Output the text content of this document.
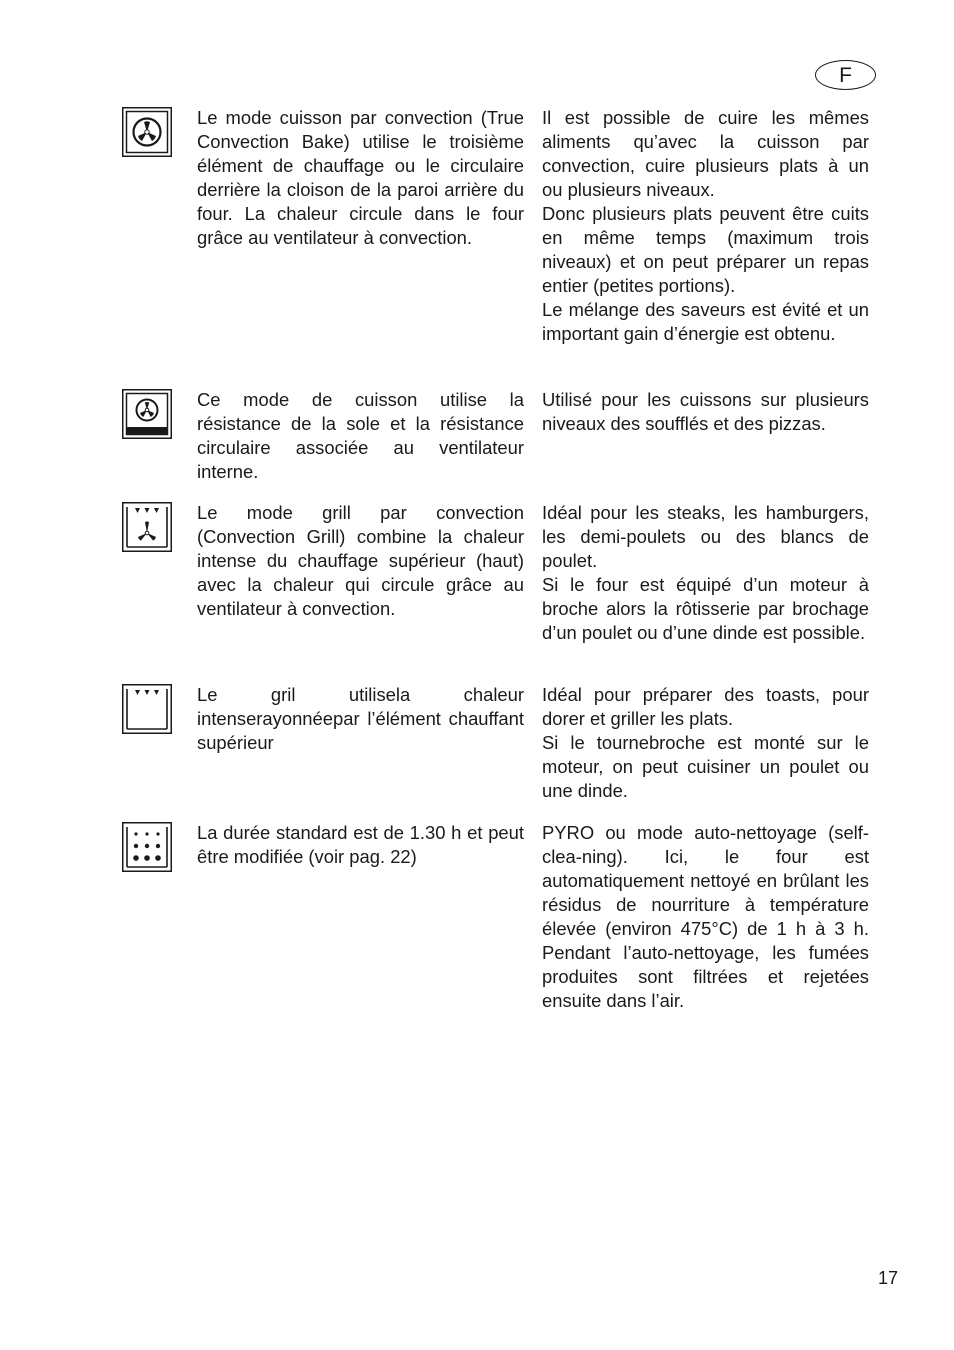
F
Le mode cuisson par convection (True Convection Bake) utilise le troisième élément de chauffage ou le circulaire derrière la cloison de la paroi arrière du four. La chaleur circule dans le four grâce au ventilateur à convection.
Il est possible de cuire les mêmes aliments qu’avec la cuisson par convection, cuire plusieurs plats à un ou plusieurs niveaux.
Donc plusieurs plats peuvent être cuits en même temps (maximum trois niveaux) et on peut préparer un repas entier (petites portions).
Le mélange des saveurs est évité et un important gain d’énergie est obtenu.
Ce mode de cuisson utilise la résistance de la sole et la résistance circulaire associée au ventilateur interne.
Utilisé pour les cuissons sur plusieurs niveaux des soufflés et des pizzas.
Le mode grill par convection (Convection Grill) combine la chaleur intense du chauffage supérieur (haut) avec la chaleur qui circule grâce au ventilateur à convection.
Idéal pour les steaks, les hamburgers, les demi-poulets ou des blancs de poulet.
Si le four est équipé d’un moteur à broche alors la rôtisserie par brochage d’un poulet ou d’une dinde est possible.
Le gril utilisela chaleur intenserayonnéepar l’élément chauffant supérieur
Idéal pour préparer des toasts, pour dorer et griller les plats.
Si le tournebroche est monté sur le moteur, on peut cuisiner un poulet ou une dinde.
La durée standard est de 1.30 h et peut être modifiée (voir pag. 22)
PYRO ou mode auto-nettoyage (self-clea-ning). Ici, le four est automatiquement nettoyé en brûlant les résidus de nourriture à température élevée (environ 475°C) de 1 h à 3 h. Pendant l’auto-nettoyage, les fumées produites sont filtrées et rejetées ensuite dans l’air.
17
